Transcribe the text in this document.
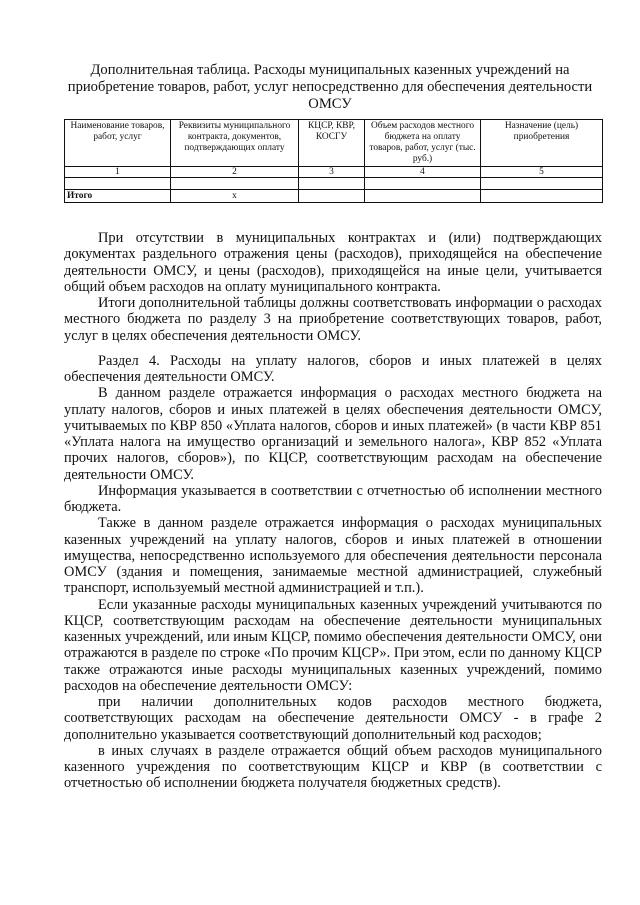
Дополнительная таблица. Расходы муниципальных казенных учреждений на приобретение товаров, работ, услуг непосредственно для обеспечения деятельности ОМСУ
Наименование товаров, работ, услуг	Реквизиты муниципального контракта, документов, подтверждающих оплату	КЦСР, КВР, КОСГУ	Объем расходов местного бюджета на оплату товаров, работ, услуг (тыс. руб.)	Назначение (цель) приобретения
1	2	3	4	5

Итого	x			

При отсутствии в муниципальных контрактах и (или) подтверждающих документах раздельного отражения цены (расходов), приходящейся на обеспечение деятельности ОМСУ, и цены (расходов), приходящейся на иные цели, учитывается общий объем расходов на оплату муниципального контракта.

Итоги дополнительной таблицы должны соответствовать информации о расходах местного бюджета по разделу 3 на приобретение соответствующих товаров, работ, услуг в целях обеспечения деятельности ОМСУ.

Раздел 4. Расходы на уплату налогов, сборов и иных платежей в целях обеспечения деятельности ОМСУ.

В данном разделе отражается информация о расходах местного бюджета на уплату налогов, сборов и иных платежей в целях обеспечения деятельности ОМСУ, учитываемых по КВР 850 «Уплата налогов, сборов и иных платежей» (в части КВР 851 «Уплата налога на имущество организаций и земельного налога», КВР 852 «Уплата прочих налогов, сборов»), по КЦСР, соответствующим расходам на обеспечение деятельности ОМСУ.

Информация указывается в соответствии с отчетностью об исполнении местного бюджета.

Также в данном разделе отражается информация о расходах муниципальных казенных учреждений на уплату налогов, сборов и иных платежей в отношении имущества, непосредственно используемого для обеспечения деятельности персонала ОМСУ (здания и помещения, занимаемые местной администрацией, служебный транспорт, используемый местной администрацией и т.п.).

Если указанные расходы муниципальных казенных учреждений учитываются по КЦСР, соответствующим расходам на обеспечение деятельности муниципальных казенных учреждений, или иным КЦСР, помимо обеспечения деятельности ОМСУ, они отражаются в разделе по строке «По прочим КЦСР». При этом, если по данному КЦСР также отражаются иные расходы муниципальных казенных учреждений, помимо расходов на обеспечение деятельности ОМСУ:

при наличии дополнительных кодов расходов местного бюджета, соответствующих расходам на обеспечение деятельности ОМСУ - в графе 2 дополнительно указывается соответствующий дополнительный код расходов;

в иных случаях в разделе отражается общий объем расходов муниципального казенного учреждения по соответствующим КЦСР и КВР (в соответствии с отчетностью об исполнении бюджета получателя бюджетных средств).
